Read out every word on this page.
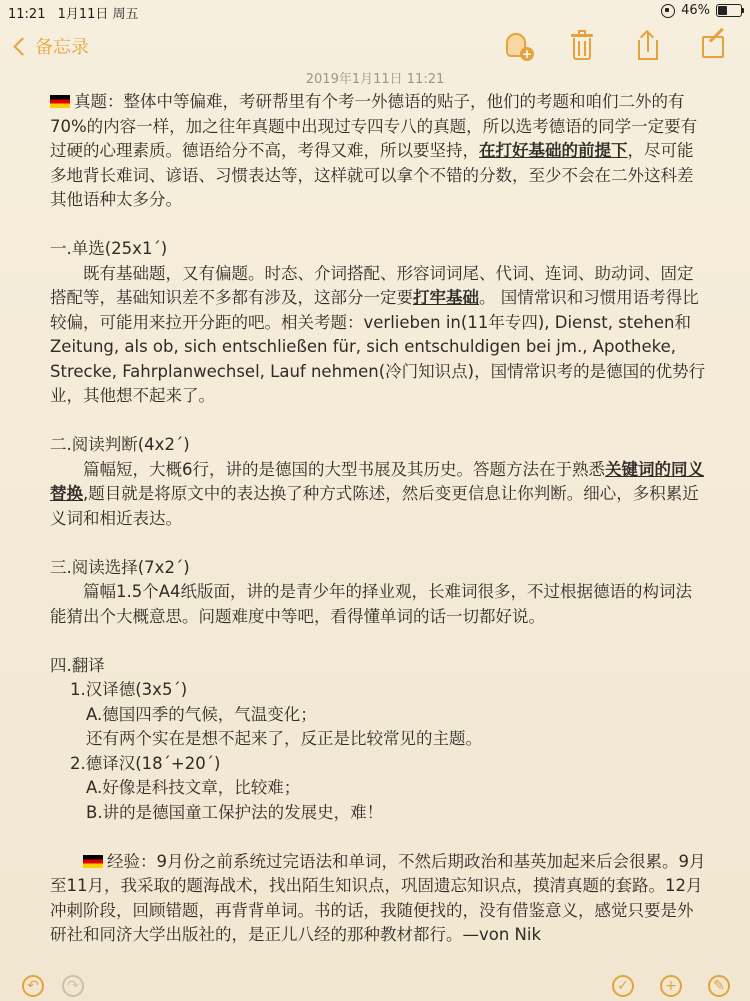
11:21 1月11日 周五	46%
备忘录	+
2019年1月11日 11:21

真题：整体中等偏难，考研帮里有个考一外德语的贴子，他们的考题和咱们二外的有70%的内容一样，加之往年真题中出现过专四专八的真题，所以选考德语的同学一定要有过硬的心理素质。德语给分不高，考得又难，所以要坚持，在打好基础的前提下，尽可能多地背长难词、谚语、习惯表达等，这样就可以拿个不错的分数，至少不会在二外这科差其他语种太多分。

一.单选(25x1´)

既有基础题，又有偏题。时态、介词搭配、形容词词尾、代词、连词、助动词、固定搭配等，基础知识差不多都有涉及，这部分一定要打牢基础。 国情常识和习惯用语考得比较偏，可能用来拉开分距的吧。相关考题：verlieben in(11年专四), Dienst, stehen和Zeitung, als ob, sich entschließen für, sich entschuldigen bei jm., Apotheke, Strecke, Fahrplanwechsel, Lauf nehmen(冷门知识点)，国情常识考的是德国的优势行业，其他想不起来了。

二.阅读判断(4x2´)

篇幅短，大概6行，讲的是德国的大型书展及其历史。答题方法在于熟悉关键词的同义替换,题目就是将原文中的表达换了种方式陈述，然后变更信息让你判断。细心，多积累近义词和相近表达。

三.阅读选择(7x2´)

篇幅1.5个A4纸版面，讲的是青少年的择业观，长难词很多，不过根据德语的构词法能猜出个大概意思。问题难度中等吧，看得懂单词的话一切都好说。

四.翻译

1.汉译德(3x5´)

A.德国四季的气候，气温变化；

还有两个实在是想不起来了，反正是比较常见的主题。

2.德译汉(18´+20´)

A.好像是科技文章，比较难；

B.讲的是德国童工保护法的发展史，难！

经验：9月份之前系统过完语法和单词，不然后期政治和基英加起来后会很累。9月至11月，我采取的题海战术，找出陌生知识点，巩固遗忘知识点，摸清真题的套路。12月冲刺阶段，回顾错题，再背背单词。书的话，我随便找的，没有借鉴意义，感觉只要是外研社和同济大学出版社的，是正儿八经的那种教材都行。—von Nik

↶	↷	✓	+	✎
